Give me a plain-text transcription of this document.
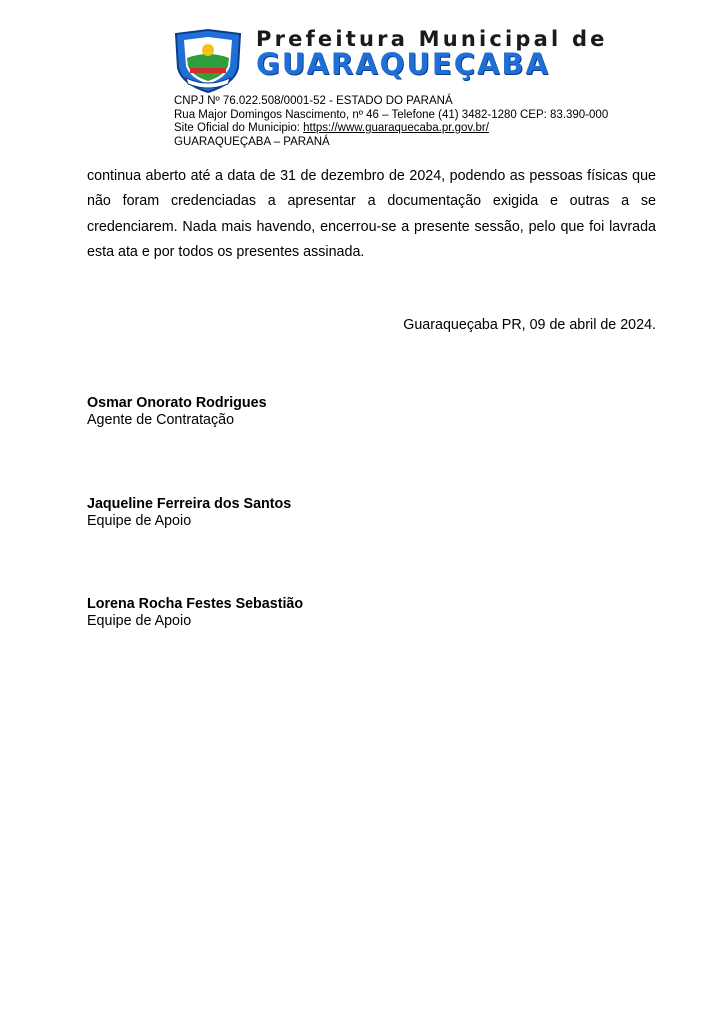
Prefeitura Municipal de
GUARAQUEÇABA
CNPJ Nº 76.022.508/0001-52 - ESTADO DO PARANÁ
Rua Major Domingos Nascimento, nº 46 – Telefone (41) 3482-1280 CEP: 83.390-000
Site Oficial do Municipio: https://www.guaraquecaba.pr.gov.br/
GUARAQUEÇABA – PARANÁ
continua aberto até a data de 31 de dezembro de 2024, podendo as pessoas físicas que não foram credenciadas a apresentar a documentação exigida e outras a se credenciarem. Nada mais havendo, encerrou-se a presente sessão, pelo que foi lavrada esta ata e por todos os presentes assinada.
Guaraqueçaba PR, 09 de abril de 2024.
Osmar Onorato Rodrigues
Agente de Contratação
Jaqueline Ferreira dos Santos
Equipe de Apoio
Lorena Rocha Festes Sebastião
Equipe de Apoio
